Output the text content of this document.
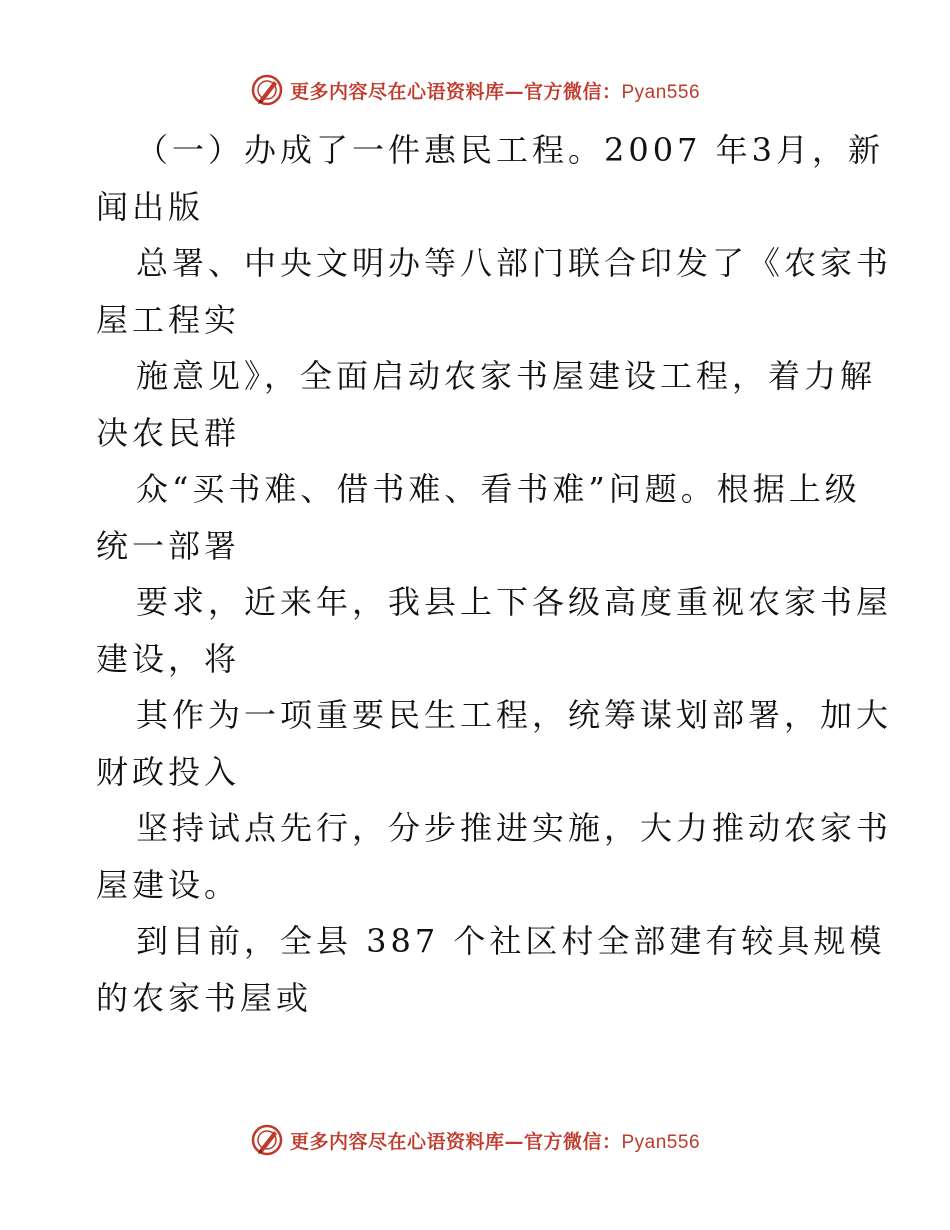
更多内容尽在心语资料库—官方微信：Pyan556
（一）办成了一件惠民工程。2007 年3月，新
闻出版
总署、中央文明办等八部门联合印发了《农家书
屋工程实
施意见》，全面启动农家书屋建设工程，着力解
决农民群
众“买书难、借书难、看书难”问题。根据上级
统一部署
要求，近来年，我县上下各级高度重视农家书屋
建设，将
其作为一项重要民生工程，统筹谋划部署，加大
财政投入
坚持试点先行，分步推进实施，大力推动农家书
屋建设。
到目前，全县 387 个社区村全部建有较具规模
的农家书屋或
更多内容尽在心语资料库—官方微信：Pyan556
